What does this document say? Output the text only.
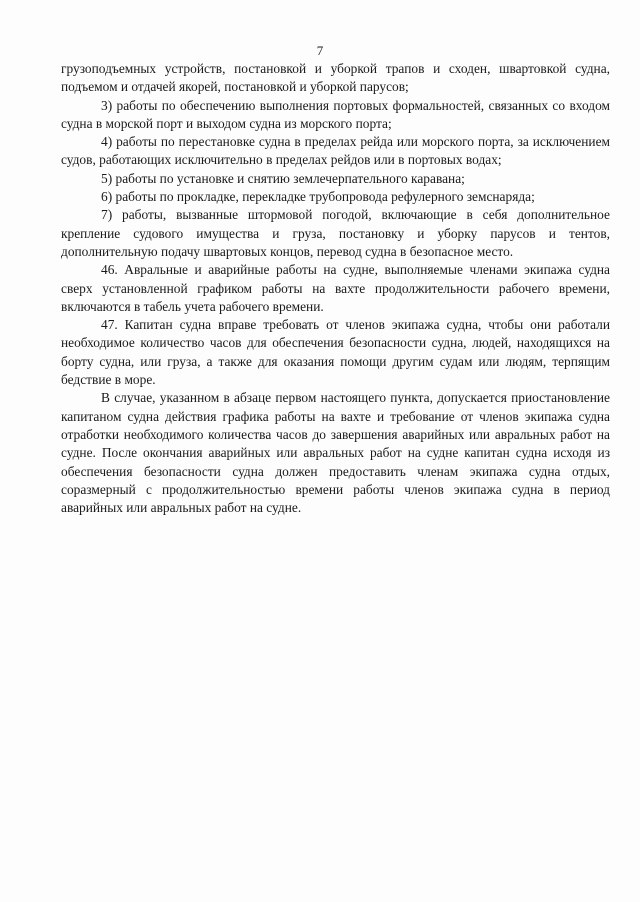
7

грузоподъемных устройств, постановкой и уборкой трапов и сходен, швартовкой судна, подъемом и отдачей якорей, постановкой и уборкой парусов;

3) работы по обеспечению выполнения портовых формальностей, связанных со входом судна в морской порт и выходом судна из морского порта;

4) работы по перестановке судна в пределах рейда или морского порта, за исключением судов, работающих исключительно в пределах рейдов или в портовых водах;

5) работы по установке и снятию землечерпательного каравана;

6) работы по прокладке, перекладке трубопровода рефулерного земснаряда;

7) работы, вызванные штормовой погодой, включающие в себя дополнительное крепление судового имущества и груза, постановку и уборку парусов и тентов, дополнительную подачу швартовых концов, перевод судна в безопасное место.

46. Авральные и аварийные работы на судне, выполняемые членами экипажа судна сверх установленной графиком работы на вахте продолжительности рабочего времени, включаются в табель учета рабочего времени.

47. Капитан судна вправе требовать от членов экипажа судна, чтобы они работали необходимое количество часов для обеспечения безопасности судна, людей, находящихся на борту судна, или груза, а также для оказания помощи другим судам или людям, терпящим бедствие в море.

В случае, указанном в абзаце первом настоящего пункта, допускается приостановление капитаном судна действия графика работы на вахте и требование от членов экипажа судна отработки необходимого количества часов до завершения аварийных или авральных работ на судне. После окончания аварийных или авральных работ на судне капитан судна исходя из обеспечения безопасности судна должен предоставить членам экипажа судна отдых, соразмерный с продолжительностью времени работы членов экипажа судна в период аварийных или авральных работ на судне.
